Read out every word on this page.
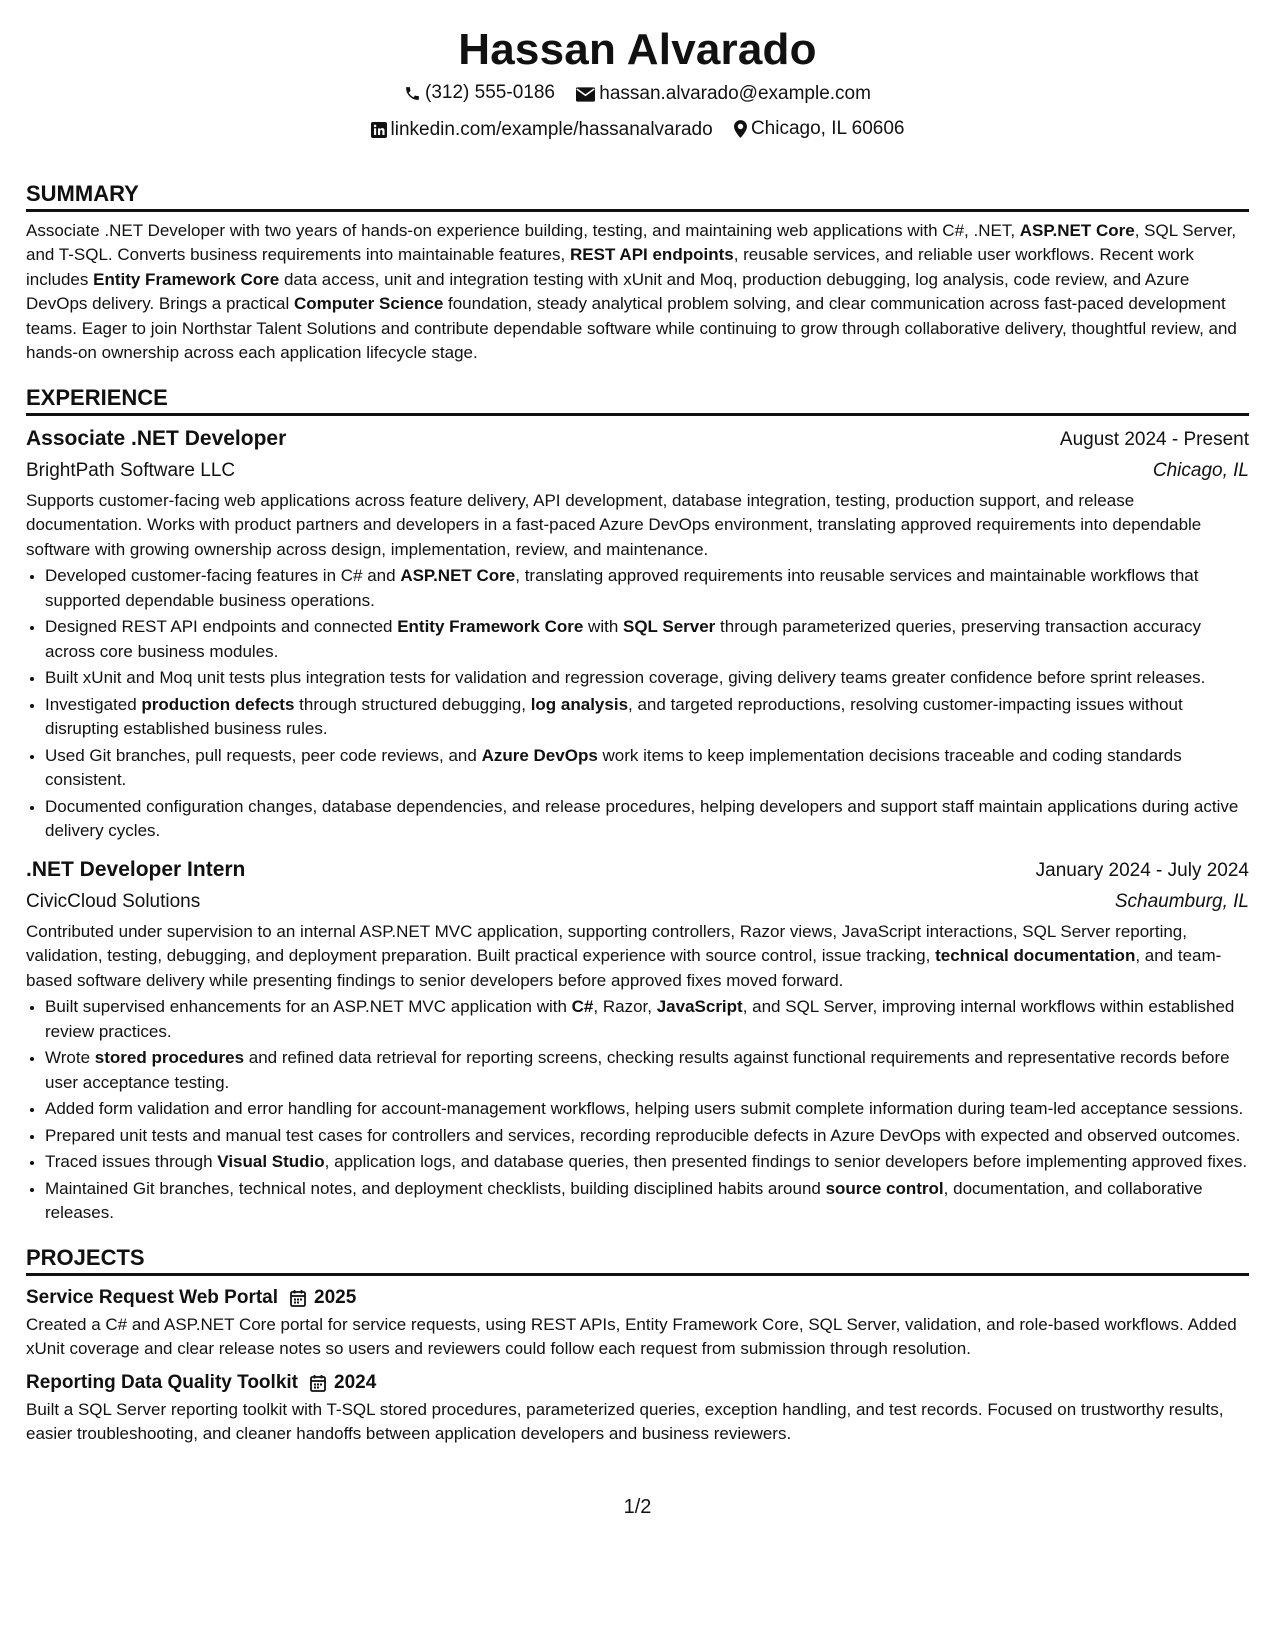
Hassan Alvarado
(312) 555-0186
hassan.alvarado@example.com
linkedin.com/example/hassanalvarado
Chicago, IL 60606
SUMMARY

Associate .NET Developer with two years of hands-on experience building, testing, and maintaining web applications with C#, .NET, ASP.NET Core, SQL Server, and T-SQL. Converts business requirements into maintainable features, REST API endpoints, reusable services, and reliable user workflows. Recent work includes Entity Framework Core data access, unit and integration testing with xUnit and Moq, production debugging, log analysis, code review, and Azure DevOps delivery. Brings a practical Computer Science foundation, steady analytical problem solving, and clear communication across fast-paced development teams. Eager to join Northstar Talent Solutions and contribute dependable software while continuing to grow through collaborative delivery, thoughtful review, and hands-on ownership across each application lifecycle stage.

EXPERIENCE
Associate .NET Developer	August 2024 - Present
BrightPath Software LLC	Chicago, IL
Supports customer-facing web applications across feature delivery, API development, database integration, testing, production support, and release documentation. Works with product partners and developers in a fast-paced Azure DevOps environment, translating approved requirements into dependable software with growing ownership across design, implementation, review, and maintenance.
• Developed customer-facing features in C# and ASP.NET Core, translating approved requirements into reusable services and maintainable workflows that supported dependable business operations.
• Designed REST API endpoints and connected Entity Framework Core with SQL Server through parameterized queries, preserving transaction accuracy across core business modules.
• Built xUnit and Moq unit tests plus integration tests for validation and regression coverage, giving delivery teams greater confidence before sprint releases.
• Investigated production defects through structured debugging, log analysis, and targeted reproductions, resolving customer-impacting issues without disrupting established business rules.
• Used Git branches, pull requests, peer code reviews, and Azure DevOps work items to keep implementation decisions traceable and coding standards consistent.
• Documented configuration changes, database dependencies, and release procedures, helping developers and support staff maintain applications during active delivery cycles.
.NET Developer Intern	January 2024 - July 2024
CivicCloud Solutions	Schaumburg, IL
Contributed under supervision to an internal ASP.NET MVC application, supporting controllers, Razor views, JavaScript interactions, SQL Server reporting, validation, testing, debugging, and deployment preparation. Built practical experience with source control, issue tracking, technical documentation, and team-based software delivery while presenting findings to senior developers before approved fixes moved forward.
• Built supervised enhancements for an ASP.NET MVC application with C#, Razor, JavaScript, and SQL Server, improving internal workflows within established review practices.
• Wrote stored procedures and refined data retrieval for reporting screens, checking results against functional requirements and representative records before user acceptance testing.
• Added form validation and error handling for account-management workflows, helping users submit complete information during team-led acceptance sessions.
• Prepared unit tests and manual test cases for controllers and services, recording reproducible defects in Azure DevOps with expected and observed outcomes.
• Traced issues through Visual Studio, application logs, and database queries, then presented findings to senior developers before implementing approved fixes.
• Maintained Git branches, technical notes, and deployment checklists, building disciplined habits around source control, documentation, and collaborative releases.
PROJECTS
Service Request Web Portal 2025

Created a C# and ASP.NET Core portal for service requests, using REST APIs, Entity Framework Core, SQL Server, validation, and role-based workflows. Added xUnit coverage and clear release notes so users and reviewers could follow each request from submission through resolution.

Reporting Data Quality Toolkit 2024

Built a SQL Server reporting toolkit with T-SQL stored procedures, parameterized queries, exception handling, and test records. Focused on trustworthy results, easier troubleshooting, and cleaner handoffs between application developers and business reviewers.

1/2
